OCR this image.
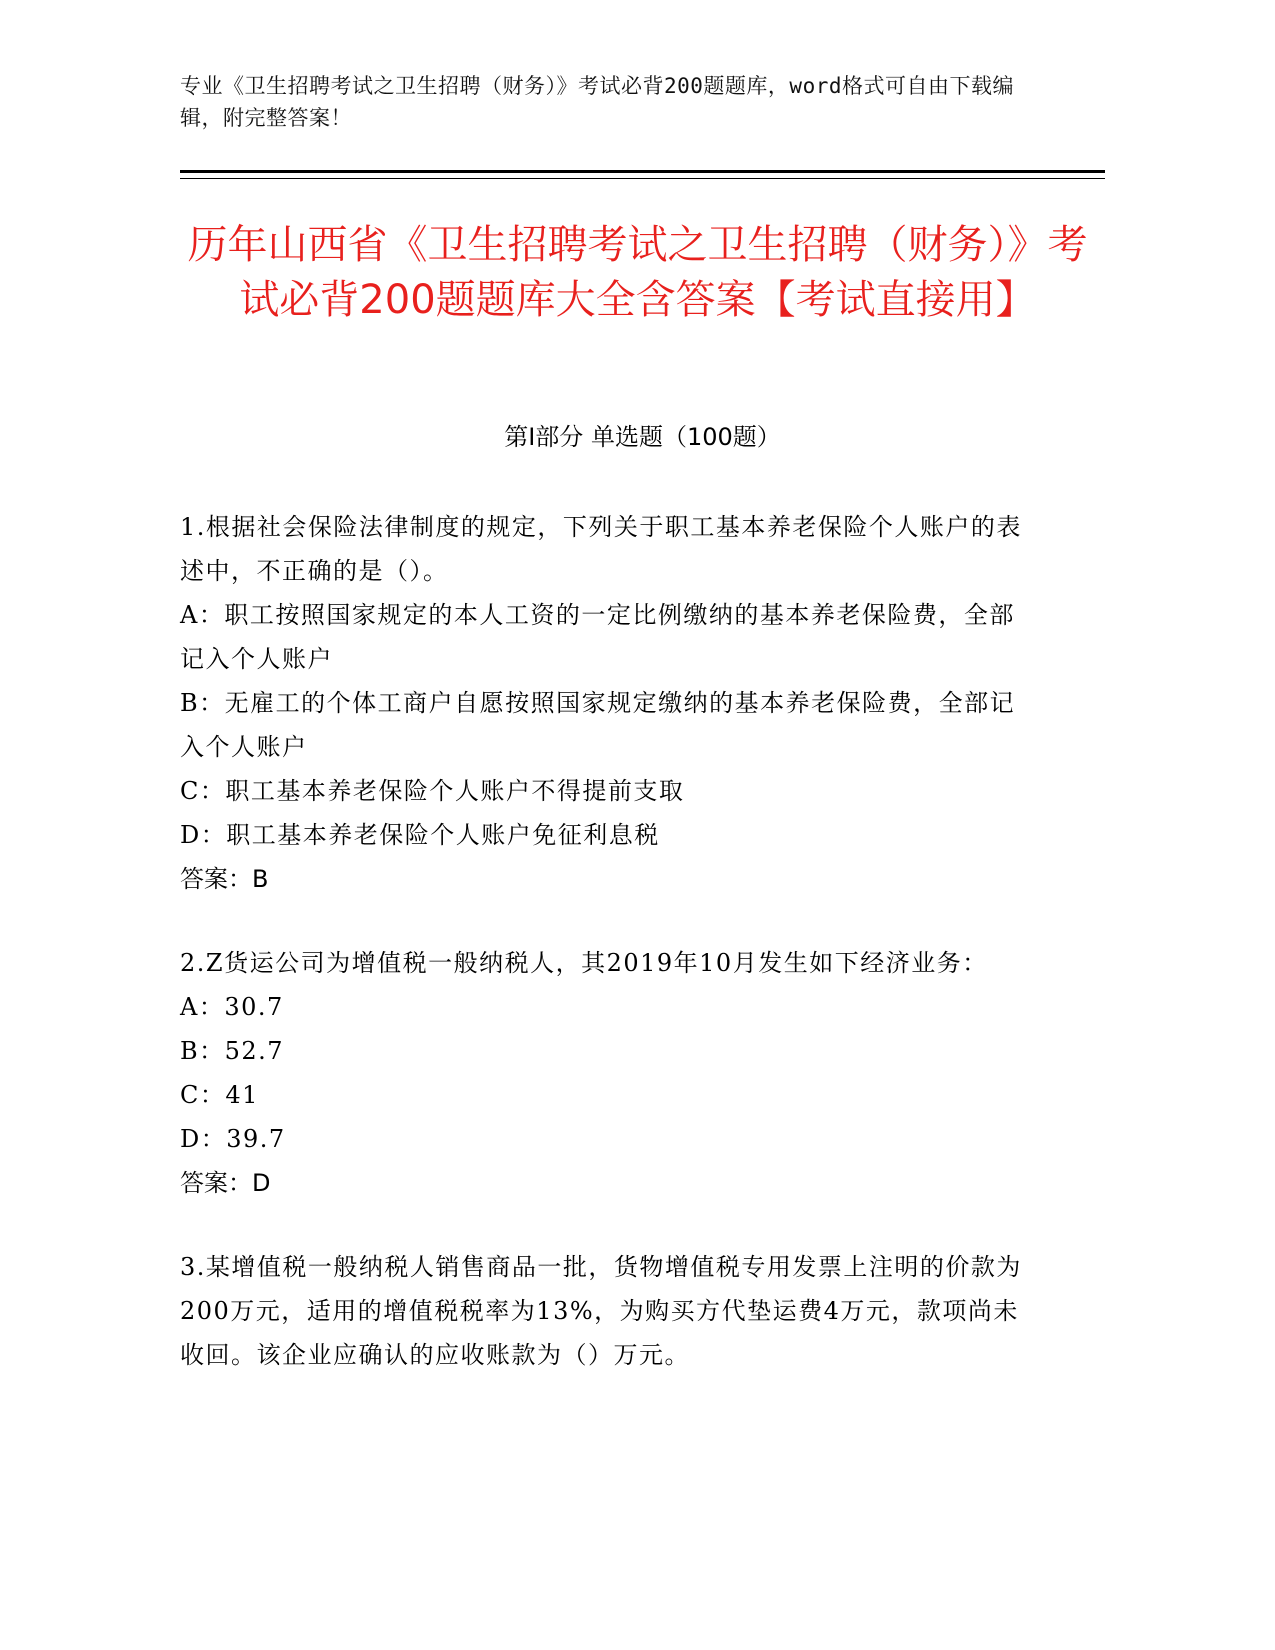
专业《卫生招聘考试之卫生招聘（财务）》考试必背200题题库，word格式可自由下载编辑，附完整答案！
历年山西省《卫生招聘考试之卫生招聘（财务）》考试必背200题题库大全含答案【考试直接用】
第I部分 单选题（100题）

1.根据社会保险法律制度的规定，下列关于职工基本养老保险个人账户的表述中，不正确的是（）。

A：职工按照国家规定的本人工资的一定比例缴纳的基本养老保险费，全部记入个人账户

B：无雇工的个体工商户自愿按照国家规定缴纳的基本养老保险费，全部记入个人账户

C：职工基本养老保险个人账户不得提前支取

D：职工基本养老保险个人账户免征利息税

答案：B

2.Z货运公司为增值税一般纳税人，其2019年10月发生如下经济业务：

A：30.7

B：52.7

C：41

D：39.7

答案：D

3.某增值税一般纳税人销售商品一批，货物增值税专用发票上注明的价款为200万元，适用的增值税税率为13%，为购买方代垫运费4万元，款项尚未收回。该企业应确认的应收账款为（）万元。
